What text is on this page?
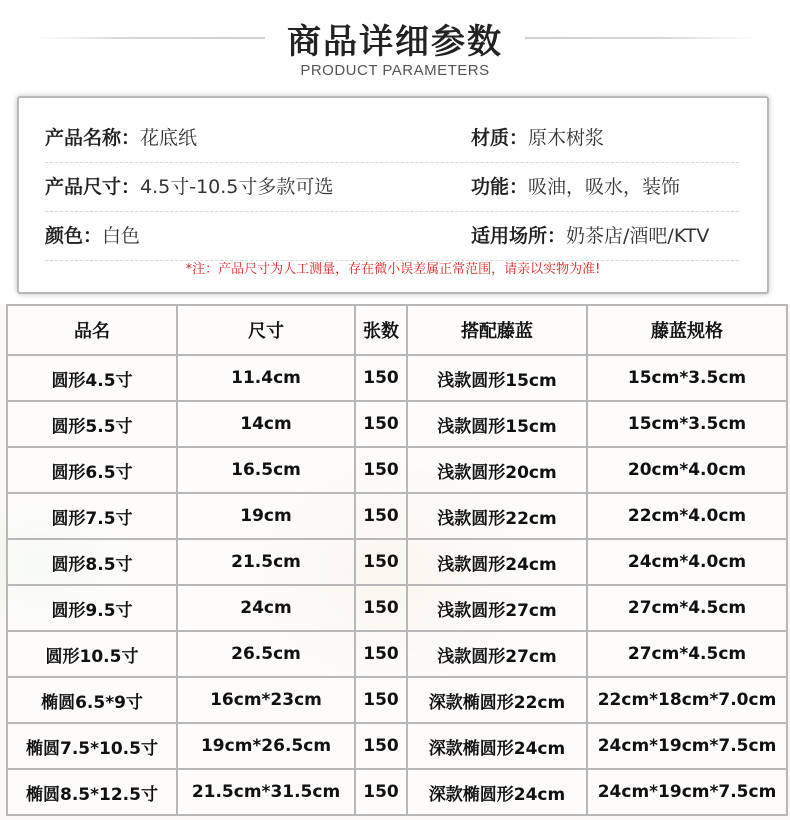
商品详细参数
PRODUCT PARAMETERS
产品名称：花底纸	材质：原木树浆
产品尺寸：4.5寸-10.5寸多款可选	功能：吸油，吸水，装饰
颜色：白色	适用场所：奶茶店/酒吧/KTV
*注：产品尺寸为人工测量，存在微小误差属正常范围，请亲以实物为准!
品名	尺寸	张数	搭配藤蓝	藤蓝规格
圆形4.5寸	11.4cm	150	浅款圆形15cm	15cm*3.5cm
圆形5.5寸	14cm	150	浅款圆形15cm	15cm*3.5cm
圆形6.5寸	16.5cm	150	浅款圆形20cm	20cm*4.0cm
圆形7.5寸	19cm	150	浅款圆形22cm	22cm*4.0cm
圆形8.5寸	21.5cm	150	浅款圆形24cm	24cm*4.0cm
圆形9.5寸	24cm	150	浅款圆形27cm	27cm*4.5cm
圆形10.5寸	26.5cm	150	浅款圆形27cm	27cm*4.5cm
椭圆6.5*9寸	16cm*23cm	150	深款椭圆形22cm	22cm*18cm*7.0cm
椭圆7.5*10.5寸	19cm*26.5cm	150	深款椭圆形24cm	24cm*19cm*7.5cm
椭圆8.5*12.5寸	21.5cm*31.5cm	150	深款椭圆形24cm	24cm*19cm*7.5cm
